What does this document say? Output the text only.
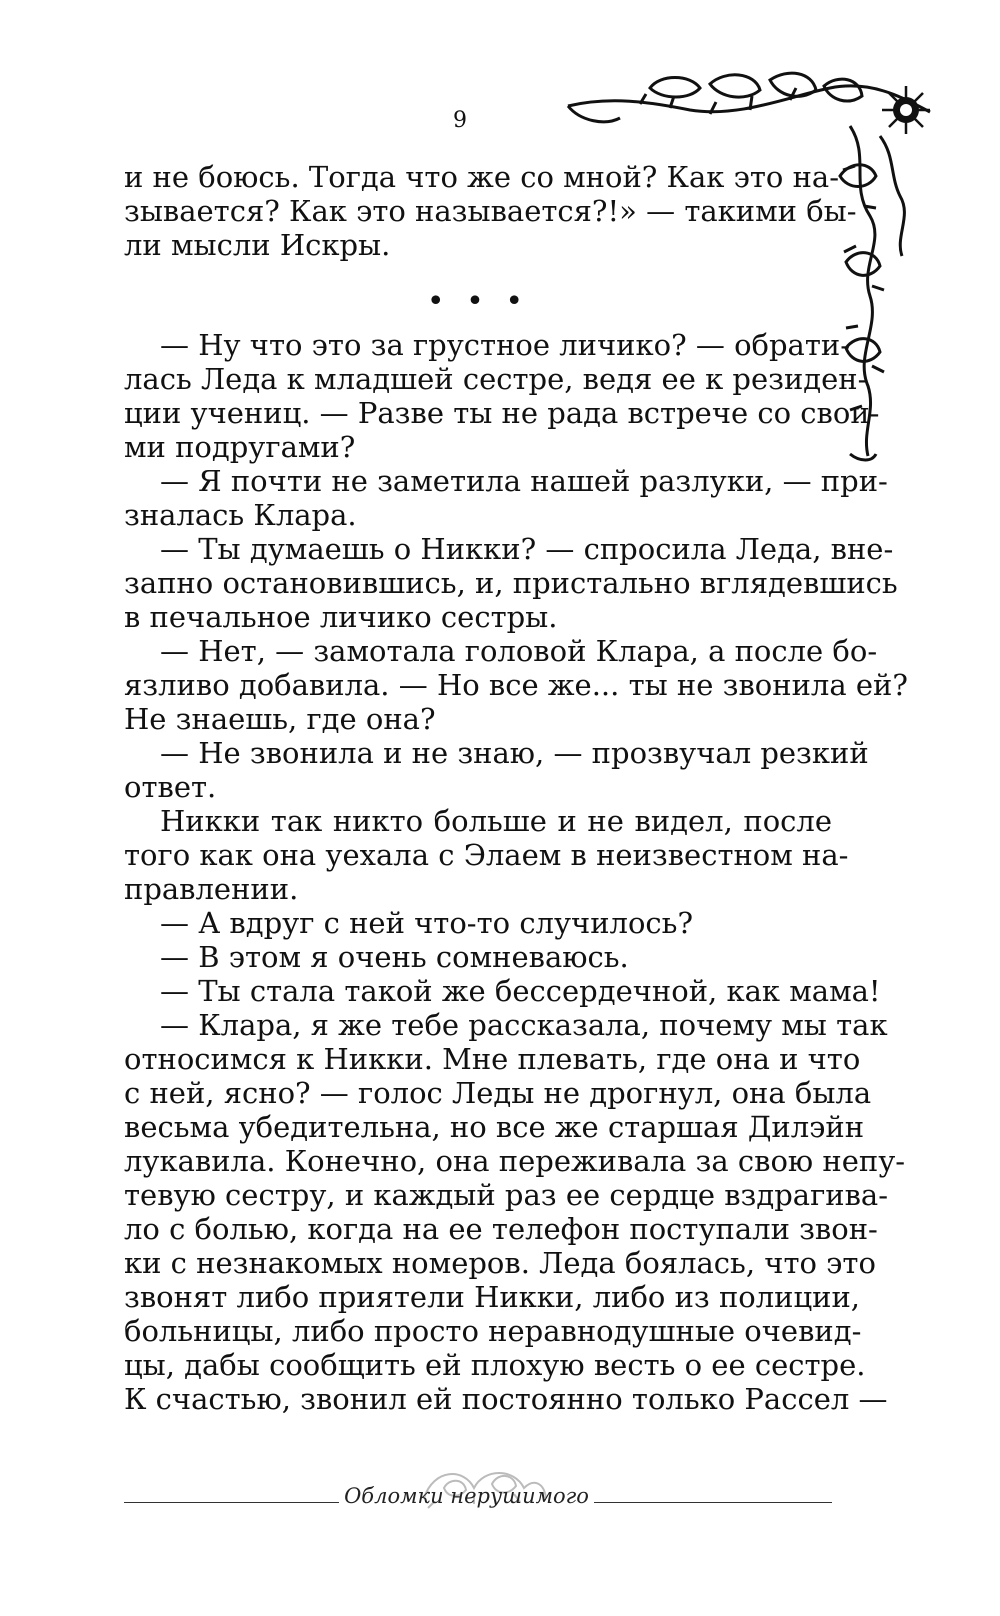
9
и не боюсь. Тогда что же со мной? Как это на-
зывается? Как это называется?!» — такими бы-
ли мысли Искры.
• • •
— Ну что это за грустное личико? — обрати-
лась Леда к младшей сестре, ведя ее к резиден-
ции учениц. — Разве ты не рада встрече со свои-
ми подругами?
— Я почти не заметила нашей разлуки, — при-
зналась Клара.
— Ты думаешь о Никки? — спросила Леда, вне-
запно остановившись, и, пристально вглядевшись
в печальное личико сестры.
— Нет, — замотала головой Клара, а после бо-
язливо добавила. — Но все же... ты не звонила ей?
Не знаешь, где она?
— Не звонила и не знаю, — прозвучал резкий
ответ.
Никки так никто больше и не видел, после
того как она уехала с Элаем в неизвестном на-
правлении.
— А вдруг с ней что-то случилось?
— В этом я очень сомневаюсь.
— Ты стала такой же бессердечной, как мама!
— Клара, я же тебе рассказала, почему мы так
относимся к Никки. Мне плевать, где она и что
с ней, ясно? — голос Леды не дрогнул, она была
весьма убедительна, но все же старшая Дилэйн
лукавила. Конечно, она переживала за свою непу-
тевую сестру, и каждый раз ее сердце вздрагива-
ло с болью, когда на ее телефон поступали звон-
ки с незнакомых номеров. Леда боялась, что это
звонят либо приятели Никки, либо из полиции,
больницы, либо просто неравнодушные очевид-
цы, дабы сообщить ей плохую весть о ее сестре.
К счастью, звонил ей постоянно только Рассел —
Обломки нерушимого
